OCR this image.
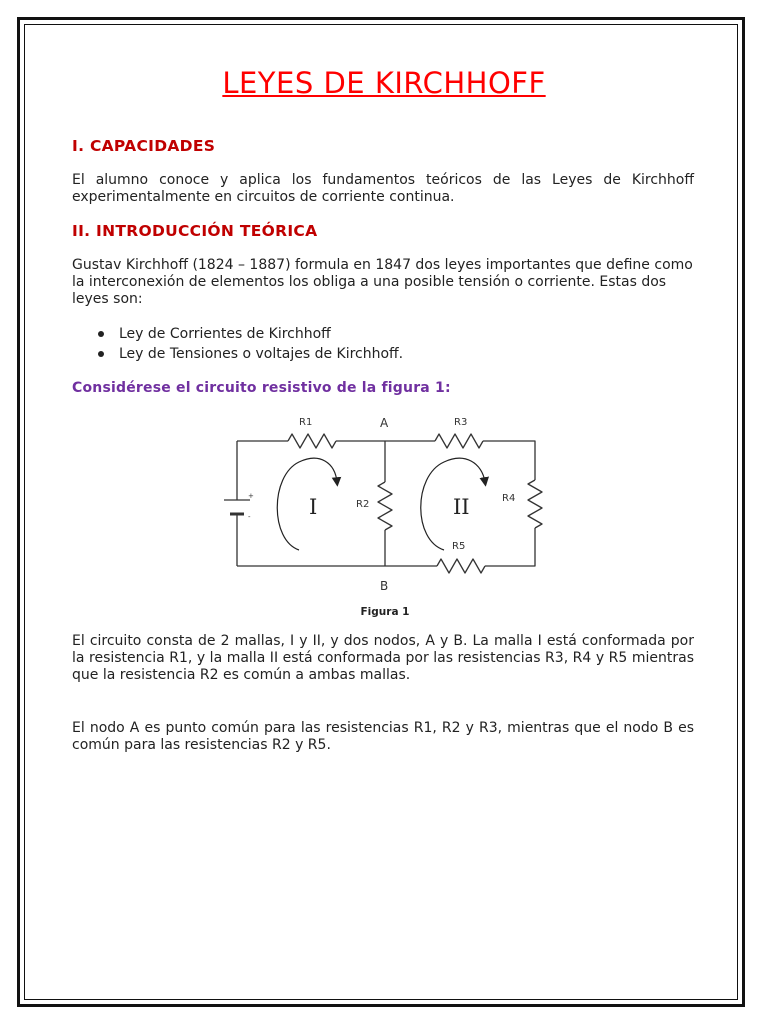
LEYES DE KIRCHHOFF
I. CAPACIDADES
El alumno conoce y aplica los fundamentos teóricos de las Leyes de Kirchhoff experimentalmente en circuitos de corriente continua.
II. INTRODUCCIÓN TEÓRICA
Gustav Kirchhoff (1824 – 1887) formula en 1847 dos leyes importantes que define como la interconexión de elementos los obliga a una posible tensión o corriente. Estas dos leyes son:
Ley de Corrientes de Kirchhoff
Ley de Tensiones o voltajes de Kirchhoff.
Considérese el circuito resistivo de la figura 1:
+
-
R1
R2
R3
R4
R5
A
B
I	II
Figura 1
El circuito consta de 2 mallas, I y II, y dos nodos, A y B. La malla I está conformada por la resistencia R1, y la malla II está conformada por las resistencias R3, R4 y R5 mientras que la resistencia R2 es común a ambas mallas.
El nodo A es punto común para las resistencias R1, R2 y R3, mientras que el nodo B es común para las resistencias R2 y R5.
